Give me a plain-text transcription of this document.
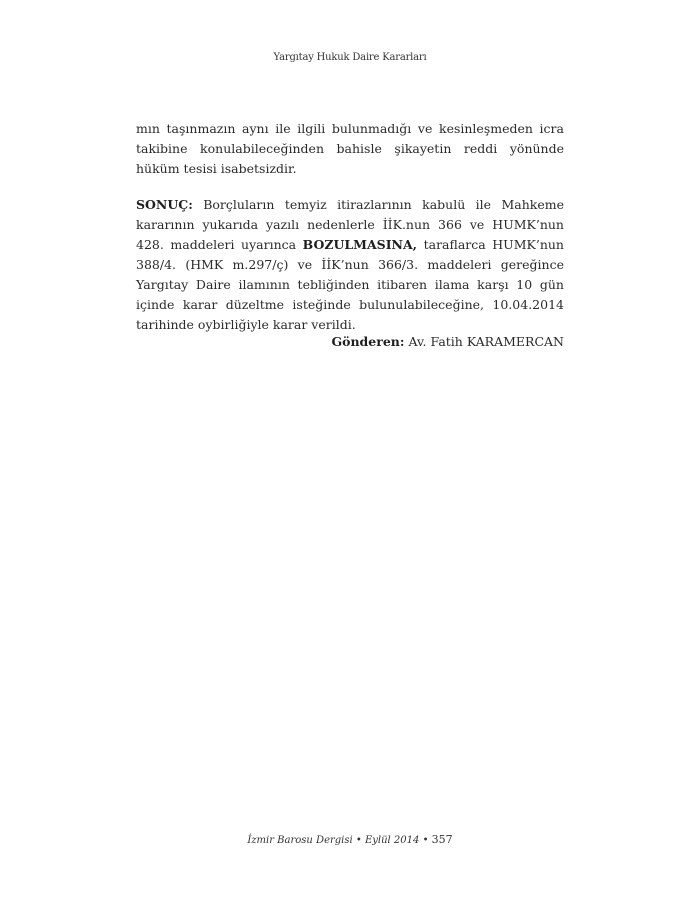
Yargıtay Hukuk Daire Kararları

mın taşınmazın aynı ile ilgili bulunmadığı ve kesinleşmeden icra takibine konulabileceğinden bahisle şikayetin reddi yönünde hüküm tesisi isabetsizdir.

SONUÇ: Borçluların temyiz itirazlarının kabulü ile Mahkeme kararının yukarıda yazılı nedenlerle İİK.nun 366 ve HUMK’nun 428. maddeleri uyarınca BOZULMASINA, taraflarca HUMK’nun 388/4. (HMK m.297/ç) ve İİK’nun 366/3. maddeleri gereğince Yargıtay Daire ilamının tebliğinden itibaren ilama karşı 10 gün içinde karar düzeltme isteğinde bulunulabileceğine, 10.04.2014 tarihinde oybirliğiyle karar verildi.

Gönderen: Av. Fatih KARAMERCAN
İzmir Barosu Dergisi • Eylül 2014 • 357
